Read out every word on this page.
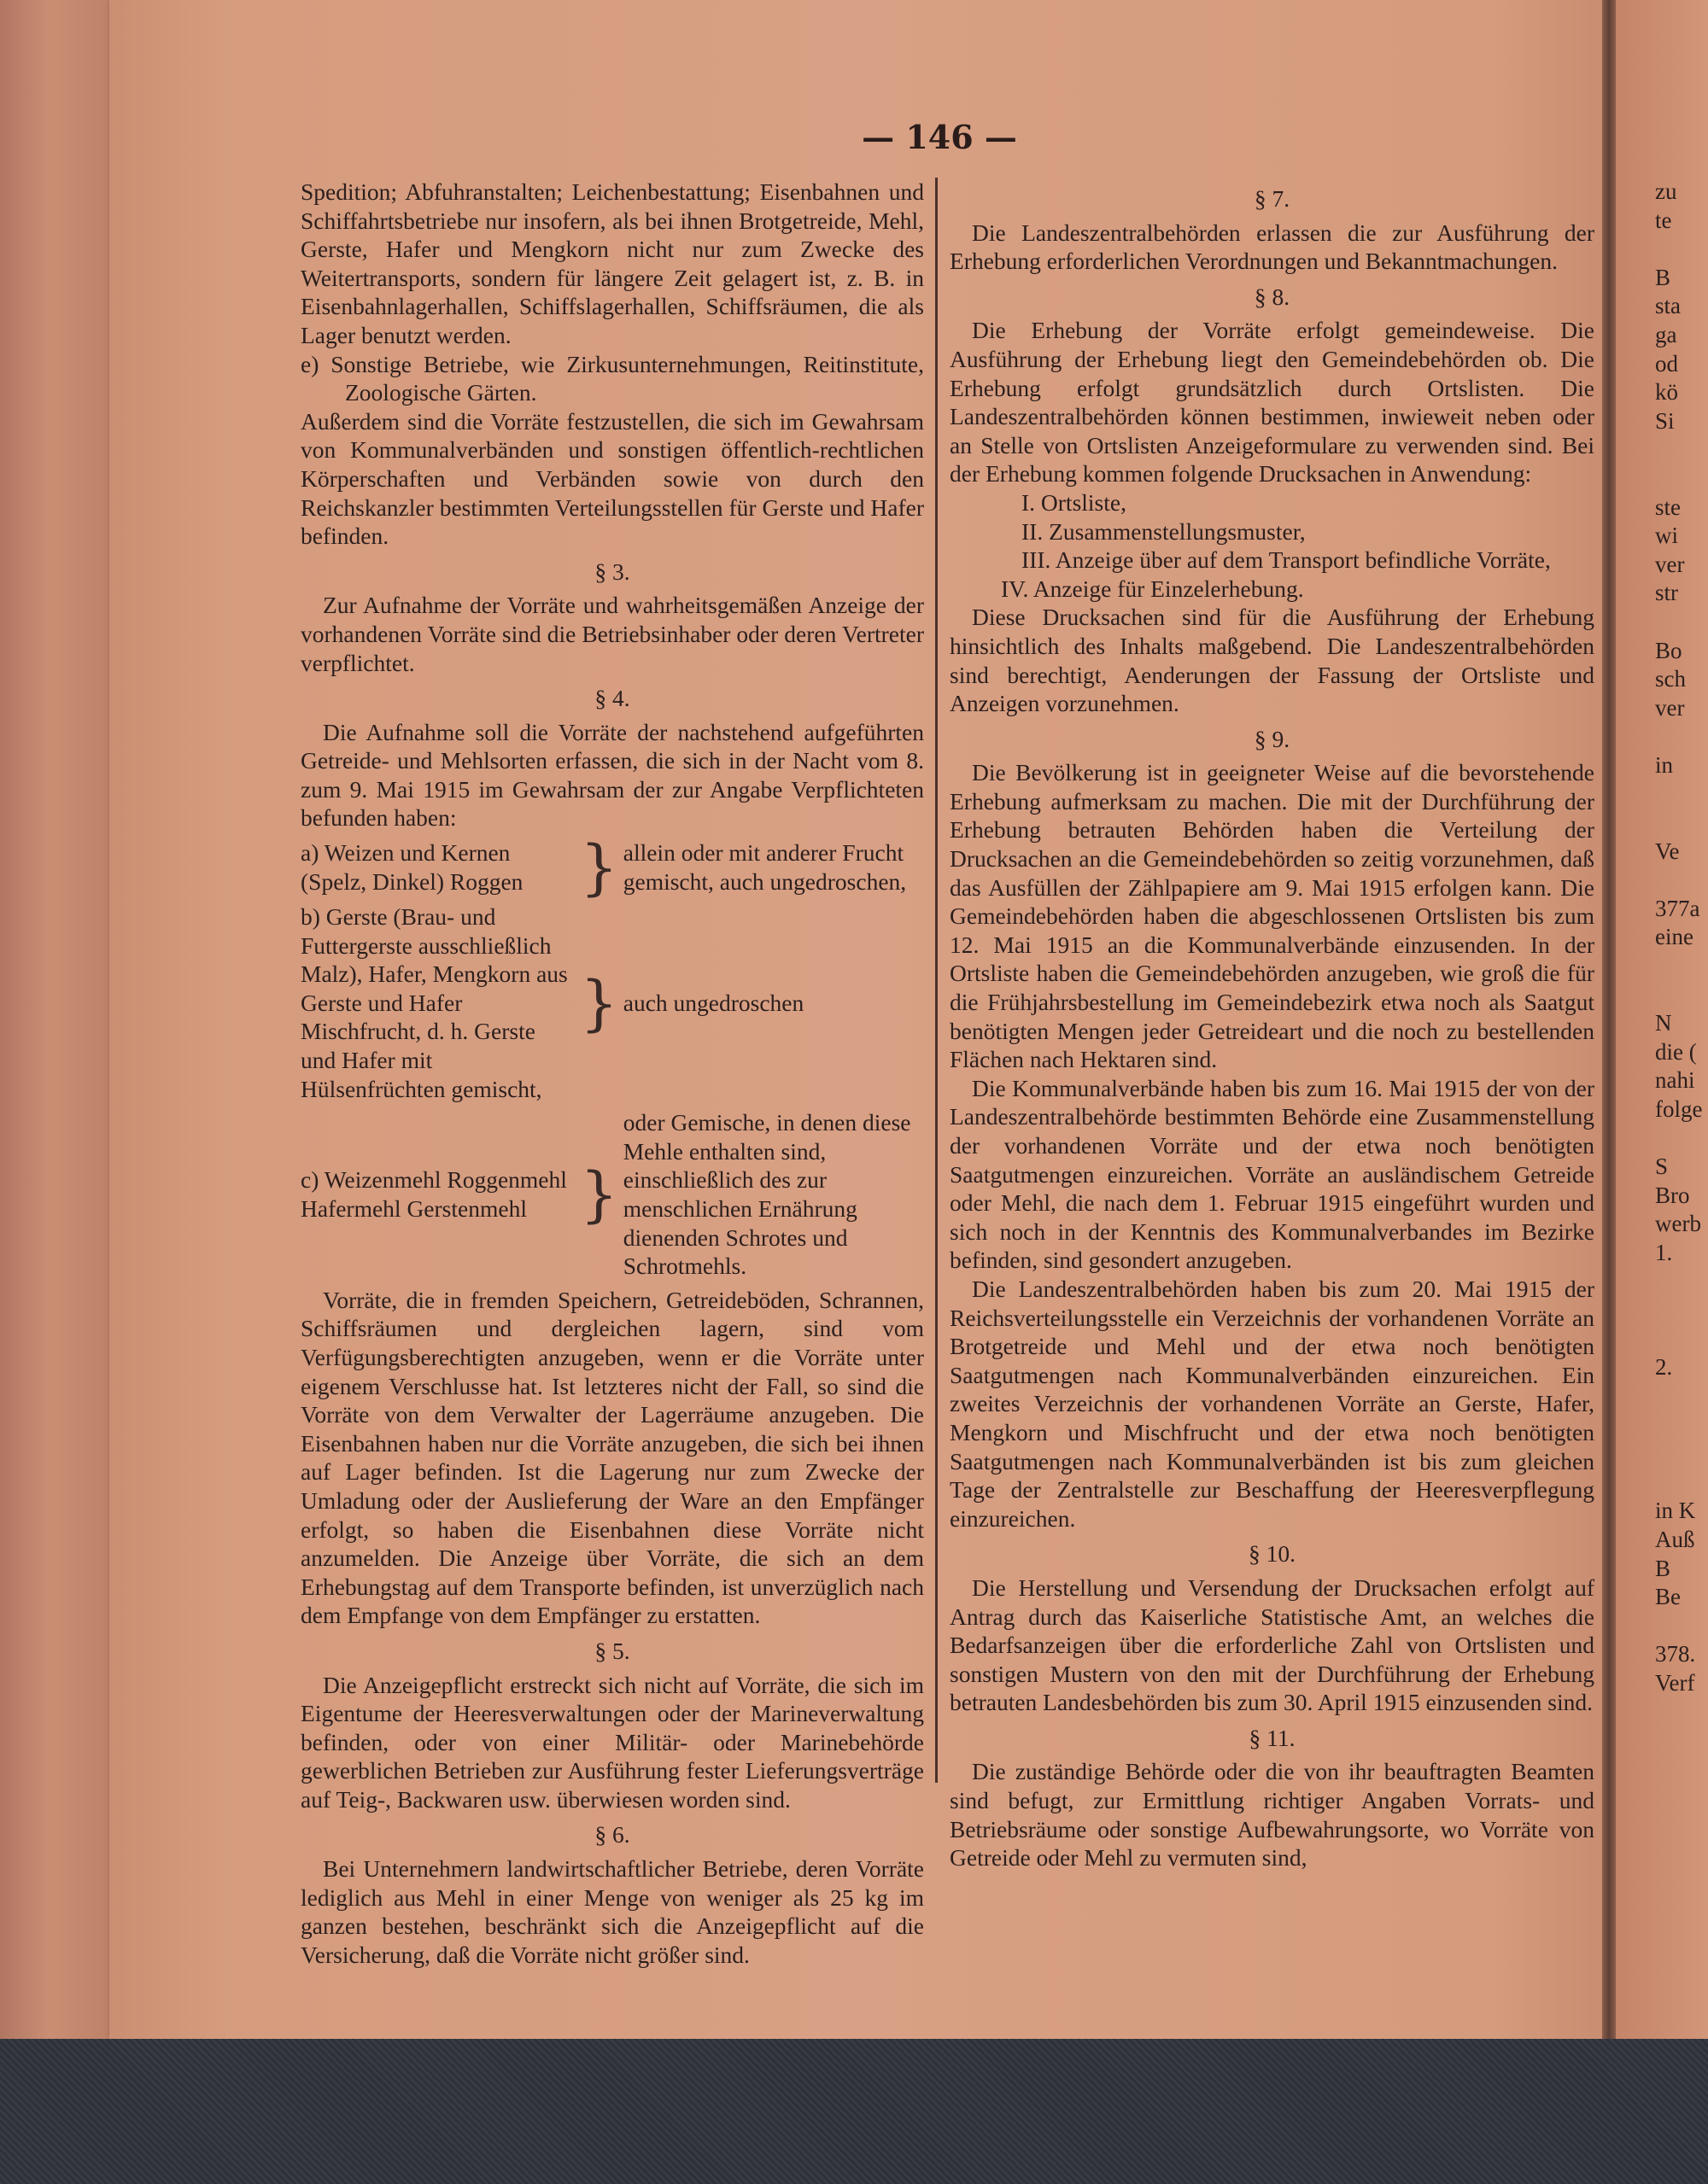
— 146 —

Spedition; Abfuhranstalten; Leichenbestattung; Eisenbahnen und Schiffahrtsbetriebe nur insofern, als bei ihnen Brotgetreide, Mehl, Gerste, Hafer und Mengkorn nicht nur zum Zwecke des Weitertransports, sondern für längere Zeit gelagert ist, z. B. in Eisenbahnlagerhallen, Schiffslagerhallen, Schiffsräumen, die als Lager benutzt werden.

e) Sonstige Betriebe, wie Zirkusunternehmungen, Reitinstitute, Zoologische Gärten.

Außerdem sind die Vorräte festzustellen, die sich im Gewahrsam von Kommunalverbänden und sonstigen öffentlich-rechtlichen Körperschaften und Verbänden sowie von durch den Reichskanzler bestimmten Verteilungsstellen für Gerste und Hafer befinden.

§ 3.

Zur Aufnahme der Vorräte und wahrheitsgemäßen Anzeige der vorhandenen Vorräte sind die Betriebsinhaber oder deren Vertreter verpflichtet.

§ 4.

Die Aufnahme soll die Vorräte der nachstehend aufgeführten Getreide- und Mehlsorten erfassen, die sich in der Nacht vom 8. zum 9. Mai 1915 im Gewahrsam der zur Angabe Verpflichteten befunden haben:

a) Weizen und Kernen (Spelz, Dinkel) Roggen } allein oder mit anderer Frucht gemischt, auch ungedroschen,
b) Gerste (Brau- und Futtergerste ausschließlich Malz), Hafer, Mengkorn aus Gerste und Hafer Mischfrucht, d. h. Gerste und Hafer mit Hülsenfrüchten gemischt,
} auch ungedroschen
c) Weizenmehl Roggenmehl Hafermehl Gerstenmehl }
oder Gemische, in denen diese Mehle enthalten sind, einschließlich des zur menschlichen Ernährung dienenden Schrotes und Schrotmehls.

Vorräte, die in fremden Speichern, Getreideböden, Schrannen, Schiffsräumen und dergleichen lagern, sind vom Verfügungsberechtigten anzugeben, wenn er die Vorräte unter eigenem Verschlusse hat. Ist letzteres nicht der Fall, so sind die Vorräte von dem Verwalter der Lagerräume anzugeben. Die Eisenbahnen haben nur die Vorräte anzugeben, die sich bei ihnen auf Lager befinden. Ist die Lagerung nur zum Zwecke der Umladung oder der Auslieferung der Ware an den Empfänger erfolgt, so haben die Eisenbahnen diese Vorräte nicht anzumelden. Die Anzeige über Vorräte, die sich an dem Erhebungstag auf dem Transporte befinden, ist unverzüglich nach dem Empfange von dem Empfänger zu erstatten.

§ 5.

Die Anzeigepflicht erstreckt sich nicht auf Vorräte, die sich im Eigentume der Heeresverwaltungen oder der Marineverwaltung befinden, oder von einer Militär- oder Marinebehörde gewerblichen Betrieben zur Ausführung fester Lieferungsverträge auf Teig-, Backwaren usw. überwiesen worden sind.

§ 6.

Bei Unternehmern landwirtschaftlicher Betriebe, deren Vorräte lediglich aus Mehl in einer Menge von weniger als 25 kg im ganzen bestehen, beschränkt sich die Anzeigepflicht auf die Versicherung, daß die Vorräte nicht größer sind.

§ 7.

Die Landeszentralbehörden erlassen die zur Ausführung der Erhebung erforderlichen Verordnungen und Bekanntmachungen.

§ 8.

Die Erhebung der Vorräte erfolgt gemeindeweise. Die Ausführung der Erhebung liegt den Gemeindebehörden ob. Die Erhebung erfolgt grundsätzlich durch Ortslisten. Die Landeszentralbehörden können bestimmen, inwieweit neben oder an Stelle von Ortslisten Anzeigeformulare zu verwenden sind. Bei der Erhebung kommen folgende Drucksachen in Anwendung:

I. Ortsliste,

II. Zusammenstellungsmuster,

III. Anzeige über auf dem Transport befindliche Vorräte,

IV. Anzeige für Einzelerhebung.

Diese Drucksachen sind für die Ausführung der Erhebung hinsichtlich des Inhalts maßgebend. Die Landeszentralbehörden sind berechtigt, Aenderungen der Fassung der Ortsliste und Anzeigen vorzunehmen.

§ 9.

Die Bevölkerung ist in geeigneter Weise auf die bevorstehende Erhebung aufmerksam zu machen. Die mit der Durchführung der Erhebung betrauten Behörden haben die Verteilung der Drucksachen an die Gemeindebehörden so zeitig vorzunehmen, daß das Ausfüllen der Zählpapiere am 9. Mai 1915 erfolgen kann. Die Gemeindebehörden haben die abgeschlossenen Ortslisten bis zum 12. Mai 1915 an die Kommunalverbände einzusenden. In der Ortsliste haben die Gemeindebehörden anzugeben, wie groß die für die Frühjahrsbestellung im Gemeindebezirk etwa noch als Saatgut benötigten Mengen jeder Getreideart und die noch zu bestellenden Flächen nach Hektaren sind.

Die Kommunalverbände haben bis zum 16. Mai 1915 der von der Landeszentralbehörde bestimmten Behörde eine Zusammenstellung der vorhandenen Vorräte und der etwa noch benötigten Saatgutmengen einzureichen. Vorräte an ausländischem Getreide oder Mehl, die nach dem 1. Februar 1915 eingeführt wurden und sich noch in der Kenntnis des Kommunalverbandes im Bezirke befinden, sind gesondert anzugeben.

Die Landeszentralbehörden haben bis zum 20. Mai 1915 der Reichsverteilungsstelle ein Verzeichnis der vorhandenen Vorräte an Brotgetreide und Mehl und der etwa noch benötigten Saatgutmengen nach Kommunalverbänden einzureichen. Ein zweites Verzeichnis der vorhandenen Vorräte an Gerste, Hafer, Mengkorn und Mischfrucht und der etwa noch benötigten Saatgutmengen nach Kommunalverbänden ist bis zum gleichen Tage der Zentralstelle zur Beschaffung der Heeresverpflegung einzureichen.

§ 10.

Die Herstellung und Versendung der Drucksachen erfolgt auf Antrag durch das Kaiserliche Statistische Amt, an welches die Bedarfsanzeigen über die erforderliche Zahl von Ortslisten und sonstigen Mustern von den mit der Durchführung der Erhebung betrauten Landesbehörden bis zum 30. April 1915 einzusenden sind.

§ 11.

Die zuständige Behörde oder die von ihr beauftragten Beamten sind befugt, zur Ermittlung richtiger Angaben Vorrats- und Betriebsräume oder sonstige Aufbewahrungsorte, wo Vorräte von Getreide oder Mehl zu vermuten sind,

zu
te

B
sta
ga
od
kö
Si

ste
wi
ver
str

Bo
sch
ver

in

Ve

377a
eine

N
die (
nahi
folge

S
Bro
werb
1.

2.

in K
Auß
B
Be

378.
Verf
